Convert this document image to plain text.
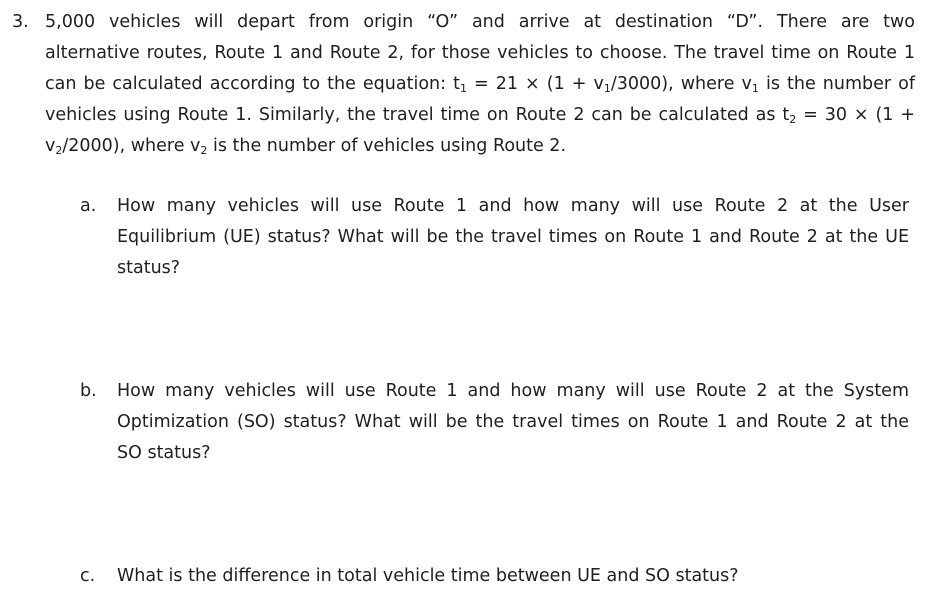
3. 5,000 vehicles will depart from origin “O” and arrive at destination “D”. There are two
alternative routes, Route 1 and Route 2, for those vehicles to choose. The travel time on Route 1
can be calculated according to the equation: $t_1 = 21 \times (1 + v_1/3000)$, where $v_1$ is the number of
vehicles using Route 1. Similarly, the travel time on Route 2 can be calculated as $t_2 = 30 \times (1$ +
$v_2/2000$), where $v_2$ is the number of vehicles using Route 2.
a. How many vehicles will use Route 1 and how many will use Route 2 at the User
Equilibrium (UE) status? What will be the travel times on Route 1 and Route 2 at the UE
status?
b. How many vehicles will use Route 1 and how many will use Route 2 at the System
Optimization (SO) status? What will be the travel times on Route 1 and Route 2 at the
SO status?
c. What is the difference in total vehicle time between UE and SO status?
